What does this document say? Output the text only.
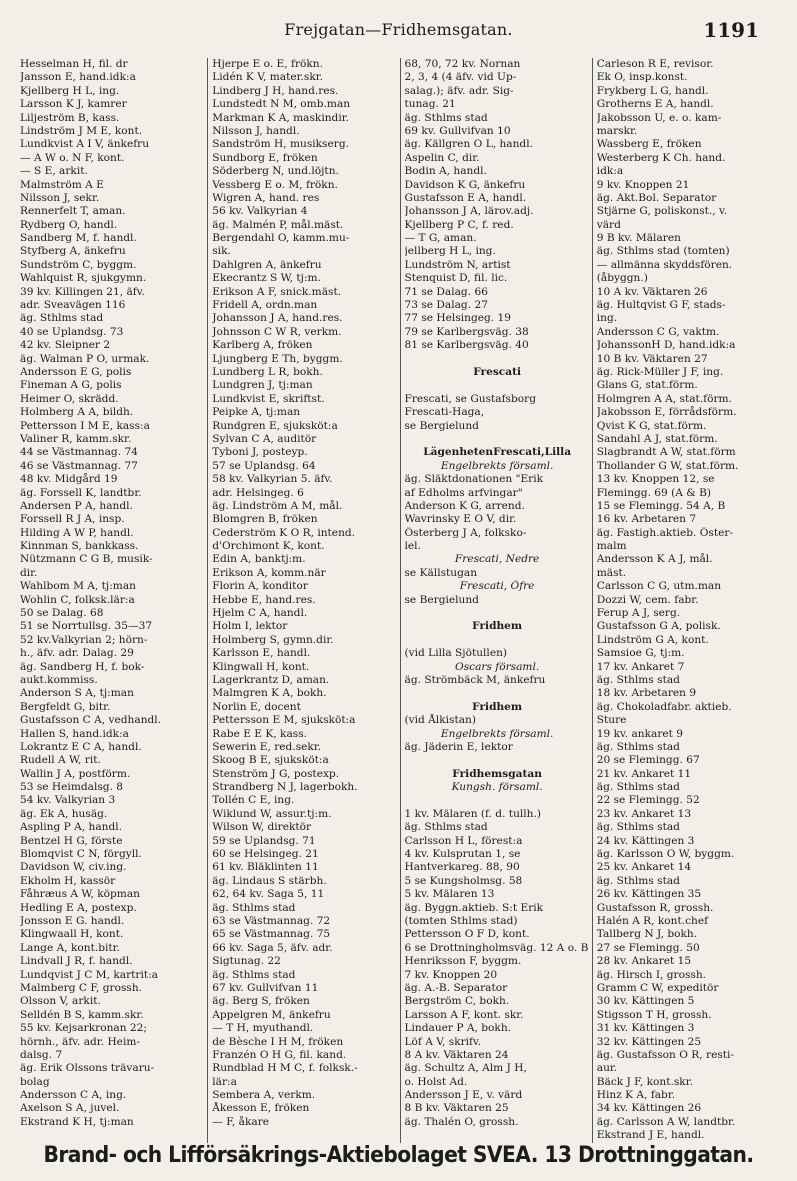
Frejgatan—Fridhemsgatan.	1191
Hesselman H, fil. dr
Jansson E, hand.idk:a
Kjellberg H L, ing.
Larsson K J, kamrer
Liljeström B, kass.
Lindström J M E, kont.
Lundkvist A I V, änkefru
— A W o. N F, kont.
— S E, arkit.
Malmström A E
Nilsson J, sekr.
Rennerfelt T, aman.
Rydberg O, handl.
Sandberg M, f. handl.
Styfberg A, änkefru
Sundström C, byggm.
Wahlquist R, sjukgymn.
39 kv. Killingen 21, äfv.
adr. Sveavägen 116
äg. Sthlms stad
40 se Uplandsg. 73
42 kv. Sleipner 2
äg. Walman P O, urmak.
Andersson E G, polis
Fineman A G, polis
Heimer O, skrädd.
Holmberg A A, bildh.
Pettersson I M E, kass:a
Valiner R, kamm.skr.
44 se Västmannag. 74
46 se Västmannag. 77
48 kv. Midgård 19
äg. Forssell K, landtbr.
Andersen P A, handl.
Forssell R J A, insp.
Hilding A W P, handl.
Kinnman S, bankkass.
Nützmann C G B, musik-
dir.
Wahlbom M A, tj:man
Wohlin C, folksk.lär:a
50 se Dalag. 68
51 se Norrtullsg. 35—37
52 kv.Valkyrian 2; hörn-
h., äfv. adr. Dalag. 29
äg. Sandberg H, f. bok-
aukt.kommiss.
Anderson S A, tj:man
Bergfeldt G, bitr.
Gustafsson C A, vedhandl.
Hallen S, hand.idk:a
Lokrantz E C A, handl.
Rudell A W, rit.
Wallin J A, postförm.
53 se Heimdalsg. 8
54 kv. Valkyrian 3
äg. Ek A, husäg.
Aspling P A, handl.
Bentzel H G, förste
Blomqvist C N, förgyll.
Davidson W, civ.ing.
Ekholm H, kassör
Fåhræus A W, köpman
Hedling E A, postexp.
Jonsson E G. handl.
Klingwaall H, kont.
Lange A, kont.bitr.
Lindvall J R, f. handl.
Lundqvist J C M, kartrit:a
Malmberg C F, grossh.
Olsson V, arkit.
Selldén B S, kamm.skr.
55 kv. Kejsarkronan 22;
hörnh., äfv. adr. Heim-
dalsg. 7
äg. Erik Olssons trävaru-
bolag
Andersson C A, ing.
Axelson S A, juvel.
Ekstrand K H, tj:man
Hjerpe E o. E, frökn.
Lidén K V, mater.skr.
Lindberg J H, hand.res.
Lundstedt N M, omb.man
Markman K A, maskindir.
Nilsson J, handl.
Sandström H, musikserg.
Sundborg E, fröken
Söderberg N, und.löjtn.
Vessberg E o. M, frökn.
Wigren A, hand. res
56 kv. Valkyrian 4
äg. Malmén P, mål.mäst.
Bergendahl O, kamm.mu-
sik.
Dahlgren A, änkefru
Ekecrantz S W, tj:m.
Erikson A F, snick.mäst.
Fridell A, ordn.man
Johansson J A, hand.res.
Johnsson C W R, verkm.
Karlberg A, fröken
Ljungberg E Th, byggm.
Lundberg L R, bokh.
Lundgren J, tj:man
Lundkvist E, skriftst.
Peipke A, tj:man
Rundgren E, sjuksköt:a
Sylvan C A, auditör
Tyboni J, posteyp.
57 se Uplandsg. 64
58 kv. Valkyrian 5. äfv.
adr. Helsingeg. 6
äg. Lindström A M, mål.
Blomgren B, fröken
Cederström K O R, intend.
d'Orchimont K, kont.
Edin A, banktj:m.
Erikson A, komm.när
Florin A, konditor
Hebbe E, hand.res.
Hjelm C A, handl.
Holm I, lektor
Holmberg S, gymn.dir.
Karlsson E, handl.
Klingwall H, kont.
Lagerkrantz D, aman.
Malmgren K A, bokh.
Norlin E, docent
Pettersson E M, sjuksköt:a
Rabe E E K, kass.
Sewerin E, red.sekr.
Skoog B E, sjuksköt:a
Stenström J G, postexp.
Strandberg N J, lagerbokh.
Tollén C E, ing.
Wiklund W, assur.tj:m.
Wilson W, direktör
59 se Uplandsg. 71
60 se Helsingeg. 21
61 kv. Bläklinten 11
äg. Lindaus S stärbh.
62, 64 kv. Saga 5, 11
äg. Sthlms stad
63 se Västmannag. 72
65 se Västmannag. 75
66 kv. Saga 5, äfv. adr.
Sigtunag. 22
äg. Sthlms stad
67 kv. Gullvifvan 11
äg. Berg S, fröken
Appelgren M, änkefru
— T H, myuthandl.
de Bèsche I H M, fröken
Franzén O H G, fil. kand.
Rundblad H M C, f. folksk.-
lär:a
Sembera A, verkm.
Åkesson E, fröken
— F, åkare
68, 70, 72 kv. Nornan
2, 3, 4 (4 äfv. vid Up-
salag.); äfv. adr. Sig-
tunag. 21
äg. Sthlms stad
69 kv. Gullvifvan 10
äg. Källgren O L, handl.
Aspelin C, dir.
Bodin A, handl.
Davidson K G, änkefru
Gustafsson E A, handl.
Johansson J A, lärov.adj.
Kjellberg P C, f. red.
— T G, aman.
jellberg H L, ing.
Lundström N, artist
Stenquist D, fil. lic.
71 se Dalag. 66
73 se Dalag. 27
77 se Helsingeg. 19
79 se Karlbergsväg. 38
81 se Karlbergsväg. 40
Frescati
Frescati, se Gustafsborg
Frescati-Haga,
se Bergielund
LägenhetenFrescati,Lilla
Engelbrekts församl.
äg. Släktdonationen "Erik
af Edholms arfvingar"
Anderson K G, arrend.
Wavrinsky E O V, dir.
Österberg J A, folksko-
lel.
Frescati, Nedre
se Källstugan
Frescati, Öfre
se Bergielund
Fridhem
(vid Lilla Sjötullen)
Oscars församl.
äg. Strömbäck M, änkefru
Fridhem
(vid Ålkistan)
Engelbrekts församl.
äg. Jäderin E, lektor
Fridhemsgatan
Kungsh. församl.
1 kv. Mälaren (f. d. tullh.)
äg. Sthlms stad
Carlsson H L, förest:a
4 kv. Kulsprutan 1, se
Hantverkareg. 88, 90
5 se Kungsholmsg. 58
5 kv. Mälaren 13
äg. Byggn.aktieb. S:t Erik
(tomten Sthlms stad)
Pettersson O F D, kont.
6 se Drottningholmsväg. 12 A o. B
Henriksson F, byggm.
7 kv. Knoppen 20
äg. A.-B. Separator
Bergström C, bokh.
Larsson A F, kont. skr.
Lindauer P A, bokh.
Löf A V, skrifv.
8 A kv. Väktaren 24
äg. Schultz A, Alm J H,
o. Holst Ad.
Andersson J E, v. värd
8 B kv. Väktaren 25
äg. Thalén O, grossh.
Carleson R E, revisor.
Ek O, insp.konst.
Frykberg L G, handl.
Grotherns E A, handl.
Jakobsson U, e. o. kam-
marskr.
Wassberg E, fröken
Westerberg K Ch. hand.
idk:a
9 kv. Knoppen 21
äg. Akt.Bol. Separator
Stjärne G, poliskonst., v.
värd
9 B kv. Mälaren
äg. Sthlms stad (tomten)
— allmänna skyddsfören.
(åbyggn.)
10 A kv. Väktaren 26
äg. Hultqvist G F, stads-
ing.
Andersson C G, vaktm.
JohanssonH D, hand.idk:a
10 B kv. Väktaren 27
äg. Rick-Müller J F, ing.
Glans G, stat.förm.
Holmgren A A, stat.förm.
Jakobsson E, förrådsförm.
Qvist K G, stat.förm.
Sandahl A J, stat.förm.
Slagbrandt A W, stat.förm
Thollander G W, stat.förm.
13 kv. Knoppen 12, se
Flemingg. 69 (A & B)
15 se Flemingg. 54 A, B
16 kv. Arbetaren 7
äg. Fastigh.aktieb. Öster-
malm
Andersson K A J, mål.
mäst.
Carlsson C G, utm.man
Dozzi W, cem. fabr.
Ferup A J, serg.
Gustafsson G A, polisk.
Lindström G A, kont.
Samsioe G, tj:m.
17 kv. Ankaret 7
äg. Sthlms stad
18 kv. Arbetaren 9
äg. Chokoladfabr. aktieb.
Sture
19 kv. ankaret 9
äg. Sthlms stad
20 se Flemingg. 67
21 kv. Ankaret 11
äg. Sthlms stad
22 se Flemingg. 52
23 kv. Ankaret 13
äg. Sthlms stad
24 kv. Kättingen 3
äg. Karlsson O W, byggm.
25 kv. Ankaret 14
äg. Sthlms stad
26 kv. Kättingen 35
Gustafsson R, grossh.
Halén A R, kont.chef
Tallberg N J, bokh.
27 se Flemingg. 50
28 kv. Ankaret 15
äg. Hirsch I, grossh.
Gramm C W, expeditör
30 kv. Kättingen 5
Stigsson T H, grossh.
31 kv. Kättingen 3
32 kv. Kättingen 25
äg. Gustafsson O R, resti-
aur.
Bäck J F, kont.skr.
Hinz K A, fabr.
34 kv. Kättingen 26
äg. Carlsson A W, landtbr.
Ekstrand J E, handl.
Brand- och Lifförsäkrings-Aktiebolaget SVEA. 13 Drottninggatan.
